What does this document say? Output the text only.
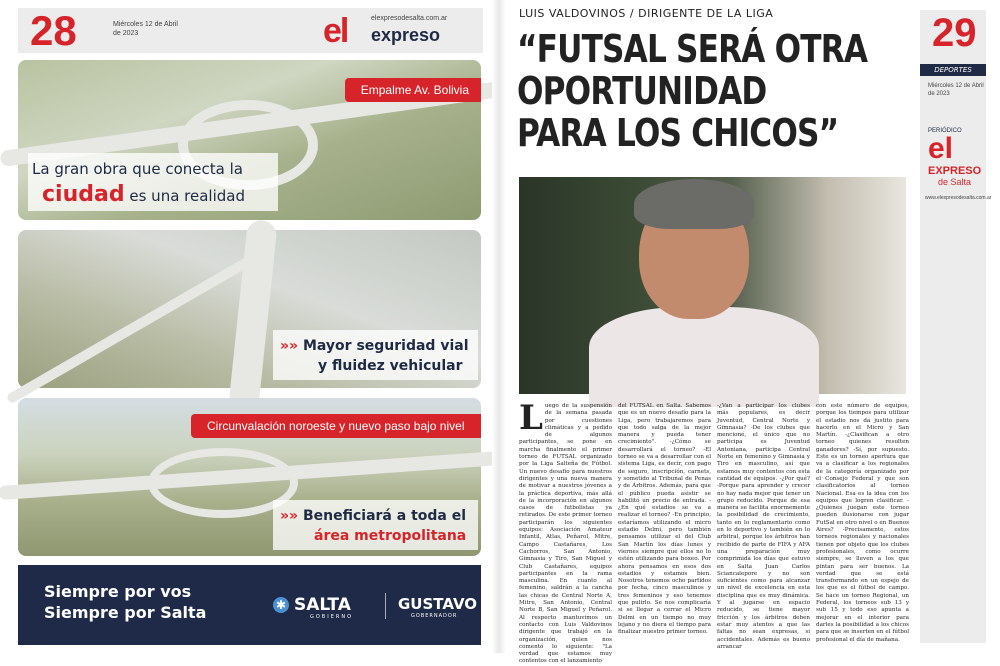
28	Miércoles 12 de Abril de 2023	el	elexpresodesalta.com.ar
expreso
Empalme Av. Bolivia
La gran obra que conecta la
ciudad es una realidad
»» Mayor seguridad vial
y fluidez vehicular
Circunvalación noroeste y nuevo paso bajo nivel
»» Beneficiará a toda el
área metropolitana
Siempre por vos
Siempre por Salta	✱ SALTA
GOBIERNO
GUSTAVO
GOBERNADOR
LUIS VALDOVINOS / DIRIGENTE DE LA LIGA
“FUTSAL SERÁ OTRA
OPORTUNIDAD
PARA LOS CHICOS”
29
DEPORTES
Miércoles 12 de Abril de 2023
PERIÓDICO
el
EXPRESO
de Salta
www.elexpresodesalta.com.ar
Luego de la suspensión de la semana pasada por cuestiones climáticas y a pedido de algunos participantes, se pone en marcha finalmente el primer torneo de FUTSAL organizado por la Liga Salteña de Fútbol. Un nuevo desafío para nuestros dirigentes y una nueva manera de motivar a nuestros jóvenes a la práctica deportiva, más allá de la incorporación en algunos casos de futbolistas ya retirados. De este primer torneo participarán los siguientes equipos: Asociación Amateur Infantil, Atlas, Peñarol, Mitre, Campo Castañares, Los Cachorros, San Antonio, Gimnasia y Tiro, San Miguel y Club Castañares, equipos participantes en la rama masculina. En cuanto al femenino, saldrán a la cancha las chicas de Central Norte A, Mitre, San Antonio, Central Norte B, San Miguel y Peñarol. Al respecto mantuvimos un contacto con Luis Valdovinos dirigente que trabajó en la organización, quien nos comentó lo siguiente: "La verdad que estamos muy contentos con el lanzamiento
del FUTSAL en Salta. Sabemos que es un nuevo desafío para la Liga, pero trabajaremos para que todo salga de la mejor manera y pueda tener crecimiento". -¿Cómo se desarrollará el torneo? -El torneo se va a desarrollar con el sistema Liga, es decir, con pago de seguro, inscripción, carnets, y sometido al Tribunal de Penas y de Árbitros. Además, para que el público pueda asistir se habilitó un precio de entrada. -¿En qué estadios se va a realizar el torneo? -En principio, estaríamos utilizando el micro estadio Delmi, pero también pensamos utilizar el del Club San Martín los días lunes y viernes siempre que ellos no lo estén utilizando para boxeo. Por ahora pensamos en esos dos estadios y estamos bien. Nosotros tenemos ocho partidos por fecha, cinco masculinos y tres femeninos y eso tenemos que pulirlo. Se nos complicaría si se llegar a cerrar el Micro Delmi en un tiempo no muy lejano y no diera el tiempo para finalizar nuestro primer torneo.
-¿Van a participar los clubes más populares, es decir Juventud, Central Norte y Gimnasia? -De los clubes que mencioné, el único que no participa es Juventud Antoniana, participa Central Norte en femenino y Gimnasia y Tiro en masculino, así que estamos muy contentos con esta cantidad de equipos. -¿Por qué? -Porque para aprender y crecer no hay nada mejor que tener un grupo reducido. Porque de esa manera se facilita enormemente la posibilidad de crecimiento, tanto en lo reglamentario como en lo deportivo y también en lo arbitral, porque los árbitros han recibido de parte de FIFA y AFA una preparación muy comprimida los días que estuvo en Salta Juan Carlos Sciancalepore y no son suficientes como para alcanzar un nivel de excelencia en esta disciplina que es muy dinámica. Y al jugarse en espacio reducido, se tiene mayor fricción y los árbitros deben estar muy atentos a que las faltas no sean expresas, si accidentales. Además es bueno arrancar
con este número de equipos, porque los tiempos para utilizar el estadio nos da justito para hacerlo en el Micro y San Martín. -¿Clasifican a otro torneo quienes resulten ganadores? -Sí, por supuesto. Este es un torneo apertura que va a clasificar a los regionales de la categoría organizado por el Consejo Federal y que son clasificatorios al torneo Nacional. Esa es la idea con los equipos que logren clasificar. -¿Quienes juegan este torneo pueden ilusionarse con jugar FutSal en otro nivel o en Buenos Aires? -Precisamente, estos torneos regionales y nacionales tienen por objeto que los clubes profesionales, como ocurre siempre, se lleven a los que pintan para ser buenos. La verdad que se está transformando en un espejo de los que es el fútbol de campo. Se hace un torneo Regional, un Federal, los torneos sub 13 y sub 15 y todo eso apunta a mejorar en el interior para darles la posibilidad a los chicos para que se inserten en el fútbol profesional el día de mañana.
